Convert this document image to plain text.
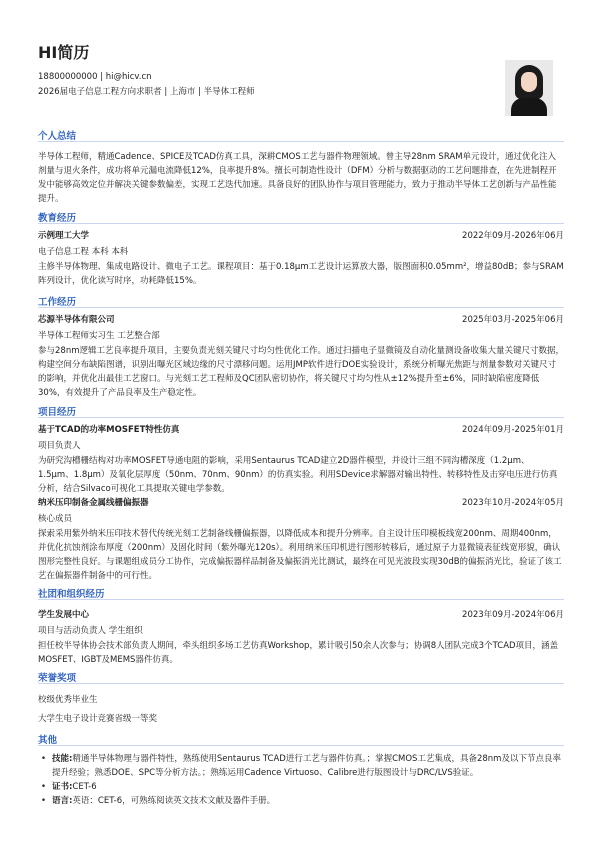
HI简历
18800000000 | hi@hicv.cn
2026届电子信息工程方向求职者 | 上海市 | 半导体工程师
个人总结
半导体工程师，精通Cadence、SPICE及TCAD仿真工具，深耕CMOS工艺与器件物理领域。曾主导28nm SRAM单元设计，通过优化注入剂量与退火条件，成功将单元漏电流降低12%，良率提升8%。擅长可制造性设计（DFM）分析与数据驱动的工艺问题排查，在先进制程开发中能够高效定位并解决关键参数偏差，实现工艺迭代加速。具备良好的团队协作与项目管理能力，致力于推动半导体工艺创新与产品性能提升。
教育经历
示例理工大学	2022年09月-2026年06月
电子信息工程 本科 本科
主修半导体物理、集成电路设计、微电子工艺。课程项目：基于0.18μm工艺设计运算放大器，版图面积0.05mm²，增益80dB；参与SRAM阵列设计，优化读写时序，功耗降低15%。
工作经历
芯源半导体有限公司	2025年03月-2025年06月
半导体工程师实习生 工艺整合部
参与28nm逻辑工艺良率提升项目，主要负责光刻关键尺寸均匀性优化工作。通过扫描电子显微镜及自动化量测设备收集大量关键尺寸数据，构建空间分布缺陷图谱，识别出曝光区域边缘的尺寸漂移问题。运用JMP软件进行DOE实验设计，系统分析曝光焦距与剂量参数对关键尺寸的影响，并优化出最佳工艺窗口。与光刻工艺工程师及QC团队密切协作，将关键尺寸均匀性从±12%提升至±6%，同时缺陷密度降低30%，有效提升了产品良率及生产稳定性。
项目经历
基于TCAD的功率MOSFET特性仿真	2024年09月-2025年01月
项目负责人
为研究沟槽栅结构对功率MOSFET导通电阻的影响，采用Sentaurus TCAD建立2D器件模型，并设计三组不同沟槽深度（1.2μm、1.5μm、1.8μm）及氧化层厚度（50nm、70nm、90nm）的仿真实验。利用SDevice求解器对输出特性、转移特性及击穿电压进行仿真分析，结合Silvaco可视化工具提取关键电学参数。
纳米压印制备金属线栅偏振器	2023年10月-2024年05月
核心成员
探索采用紫外纳米压印技术替代传统光刻工艺制备线栅偏振器，以降低成本和提升分辨率。自主设计压印模板线宽200nm、周期400nm，并优化抗蚀剂涂布厚度（200nm）及固化时间（紫外曝光120s）。利用纳米压印机进行图形转移后，通过原子力显微镜表征线宽形貌，确认图形完整性良好。与课题组成员分工协作，完成偏振器样品制备及偏振消光比测试，最终在可见光波段实现30dB的偏振消光比，验证了该工艺在偏振器件制备中的可行性。
社团和组织经历
学生发展中心	2023年09月-2024年06月
项目与活动负责人 学生组织
担任校半导体协会技术部负责人期间，牵头组织多场工艺仿真Workshop，累计吸引50余人次参与；协调8人团队完成3个TCAD项目，涵盖MOSFET、IGBT及MEMS器件仿真。
荣誉奖项
校级优秀毕业生
大学生电子设计竞赛省级一等奖
其他
• 技能:精通半导体物理与器件特性，熟练使用Sentaurus TCAD进行工艺与器件仿真。；掌握CMOS工艺集成，具备28nm及以下节点良率提升经验；熟悉DOE、SPC等分析方法。；熟练运用Cadence Virtuoso、Calibre进行版图设计与DRC/LVS验证。
• 证书:CET-6
• 语言:英语：CET-6，可熟练阅读英文技术文献及器件手册。
